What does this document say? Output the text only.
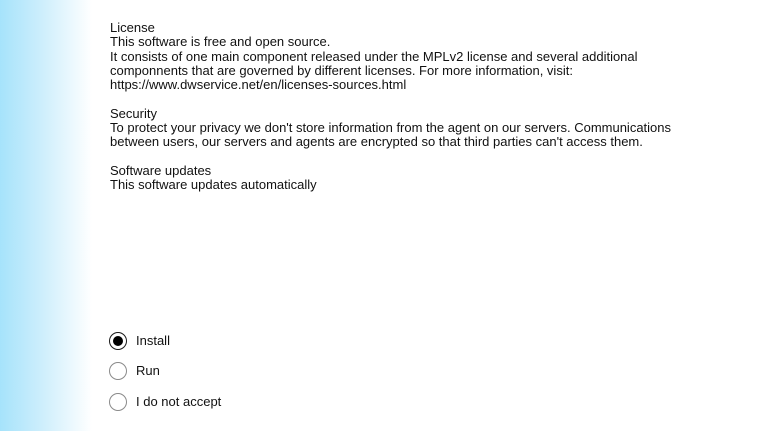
License
This software is free and open source.
It consists of one main component released under the MPLv2 license and several additional
componnents that are governed by different licenses. For more information, visit:
https://www.dwservice.net/en/licenses-sources.html
Security
To protect your privacy we don't store information from the agent on our servers. Communications
between users, our servers and agents are encrypted so that third parties can't access them.
Software updates
This software updates automatically
Install
Run
I do not accept
